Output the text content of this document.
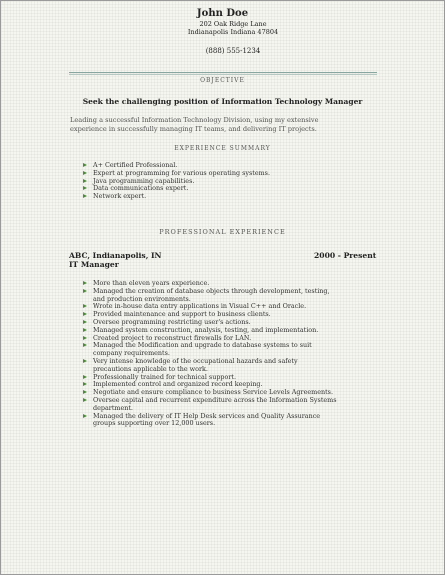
John Doe
202 Oak Ridge Lane
Indianapolis Indiana 47804
(888) 555-1234
OBJECTIVE
Seek the challenging position of Information Technology Manager
Leading a successful Information Technology Division, using my extensive
experience in successfully managing IT teams, and delivering IT projects.
EXPERIENCE SUMMARY
A+ Certified Professional.
Expert at programming for various operating systems.
Java programming capabilities.
Data communications expert.
Network expert.
PROFESSIONAL EXPERIENCE
ABC, Indianapolis, IN	2000 - Present
IT Manager
More than eleven years experience.
Managed the creation of database objects through development, testing,
and production environments.
Wrote in-house data entry applications in Visual C++ and Oracle.
Provided maintenance and support to business clients.
Oversee programming restricting user's actions.
Managed system construction, analysis, testing, and implementation.
Created project to reconstruct firewalls for LAN.
Managed the Modification and upgrade to database systems to suit
company requirements.
Very intense knowledge of the occupational hazards and safety
precautions applicable to the work.
Professionally trained for technical support.
Implemented control and organized record keeping.
Negotiate and ensure compliance to business Service Levels Agreements.
Oversee capital and recurrent expenditure across the Information Systems
department.
Managed the delivery of IT Help Desk services and Quality Assurance
groups supporting over 12,000 users.
